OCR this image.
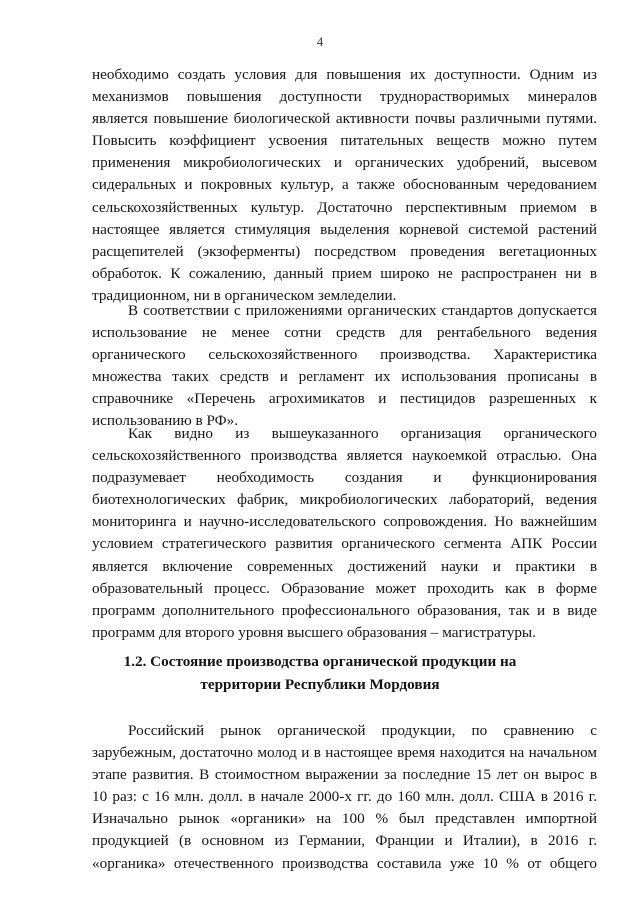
4
необходимо создать условия для повышения их доступности. Одним из
механизмов повышения доступности труднорастворимых минералов
является повышение биологической активности почвы различными путями.
Повысить коэффициент усвоения питательных веществ можно путем
применения микробиологических и органических удобрений, высевом
сидеральных и покровных культур, а также обоснованным чередованием
сельскохозяйственных культур. Достаточно перспективным приемом в
настоящее является стимуляция выделения корневой системой растений
расщепителей (экзоферменты) посредством проведения вегетационных
обработок. К сожалению, данный прием широко не распространен ни в
традиционном, ни в органическом земледелии.
В соответствии с приложениями органических стандартов допускается
использование не менее сотни средств для рентабельного ведения
органического сельскохозяйственного производства. Характеристика
множества таких средств и регламент их использования прописаны в
справочнике «Перечень агрохимикатов и пестицидов разрешенных к
использованию в РФ».
Как видно из вышеуказанного организация органического
сельскохозяйственного производства является наукоемкой отраслью. Она
подразумевает необходимость создания и функционирования
биотехнологических фабрик, микробиологических лабораторий, ведения
мониторинга и научно-исследовательского сопровождения. Но важнейшим
условием стратегического развития органического сегмента АПК России
является включение современных достижений науки и практики в
образовательный процесс. Образование может проходить как в форме
программ дополнительного профессионального образования, так и в виде
программ для второго уровня высшего образования – магистратуры.
1.2. Состояние производства органической продукции на
территории Республики Мордовия
Российский рынок органической продукции, по сравнению с
зарубежным, достаточно молод и в настоящее время находится на начальном
этапе развития. В стоимостном выражении за последние 15 лет он вырос в
10 раз: с 16 млн. долл. в начале 2000-х гг. до 160 млн. долл. США в 2016 г.
Изначально рынок «органики» на 100 % был представлен импортной
продукцией (в основном из Германии, Франции и Италии), в 2016 г.
«органика» отечественного производства составила уже 10 % от общего
